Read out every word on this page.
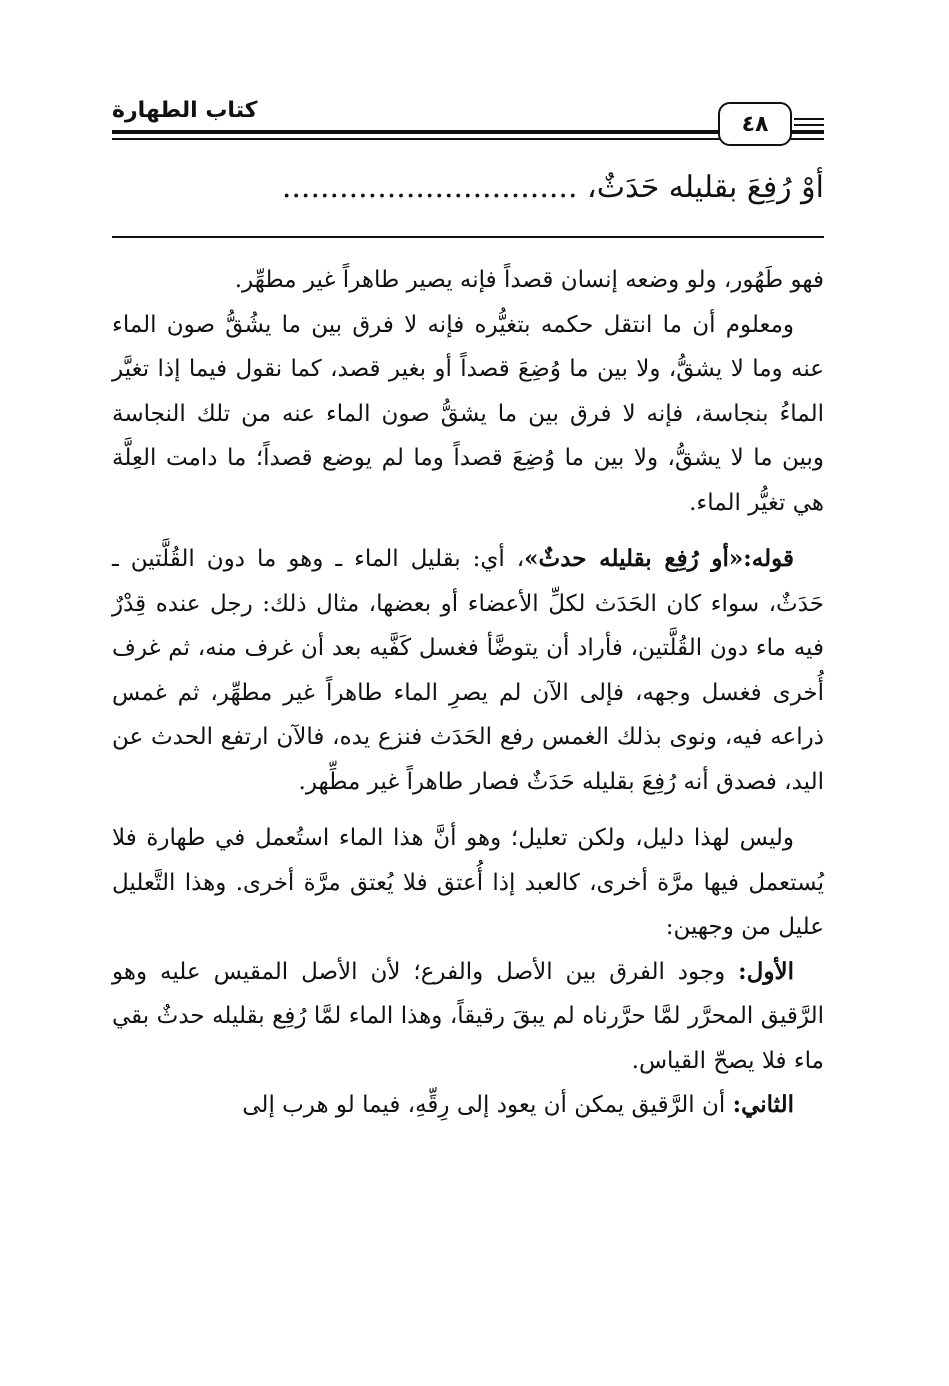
كتاب الطهارة
٤٨
أوْ رُفِعَ بقليله حَدَثٌ، ...............................

فهو طَهُور، ولو وضعه إنسان قصداً فإنه يصير طاهراً غير مطهِّر.

ومعلوم أن ما انتقل حكمه بتغيُّره فإنه لا فرق بين ما يشُقُّ صون الماء عنه وما لا يشقُّ، ولا بين ما وُضِعَ قصداً أو بغير قصد، كما نقول فيما إذا تغيَّر الماءُ بنجاسة، فإنه لا فرق بين ما يشقُّ صون الماء عنه من تلك النجاسة وبين ما لا يشقُّ، ولا بين ما وُضِعَ قصداً وما لم يوضع قصداً؛ ما دامت العِلَّة هي تغيُّر الماء.

قوله:«أو رُفِع بقليله حدثٌ»، أي: بقليل الماء ـ وهو ما دون القُلَّتين ـ حَدَثٌ، سواء كان الحَدَث لكلِّ الأعضاء أو بعضها، مثال ذلك: رجل عنده قِدْرٌ فيه ماء دون القُلَّتين، فأراد أن يتوضَّأ فغسل كَفَّيه بعد أن غرف منه، ثم غرف أُخرى فغسل وجهه، فإلى الآن لم يصرِ الماء طاهراً غير مطهِّر، ثم غمس ذراعه فيه، ونوى بذلك الغمس رفع الحَدَث فنزع يده، فالآن ارتفع الحدث عن اليد، فصدق أنه رُفِعَ بقليله حَدَثٌ فصار طاهراً غير مطِّهر.

وليس لهذا دليل، ولكن تعليل؛ وهو أنَّ هذا الماء استُعمل في طهارة فلا يُستعمل فيها مرَّة أخرى، كالعبد إذا أُعتق فلا يُعتق مرَّة أخرى. وهذا التَّعليل عليل من وجهين:

الأول: وجود الفرق بين الأصل والفرع؛ لأن الأصل المقيس عليه وهو الرَّقيق المحرَّر لمَّا حرَّرناه لم يبقَ رقيقاً، وهذا الماء لمَّا رُفِع بقليله حدثٌ بقي ماء فلا يصحّ القياس.

الثاني: أن الرَّقيق يمكن أن يعود إلى رِقِّهِ، فيما لو هرب إلى
